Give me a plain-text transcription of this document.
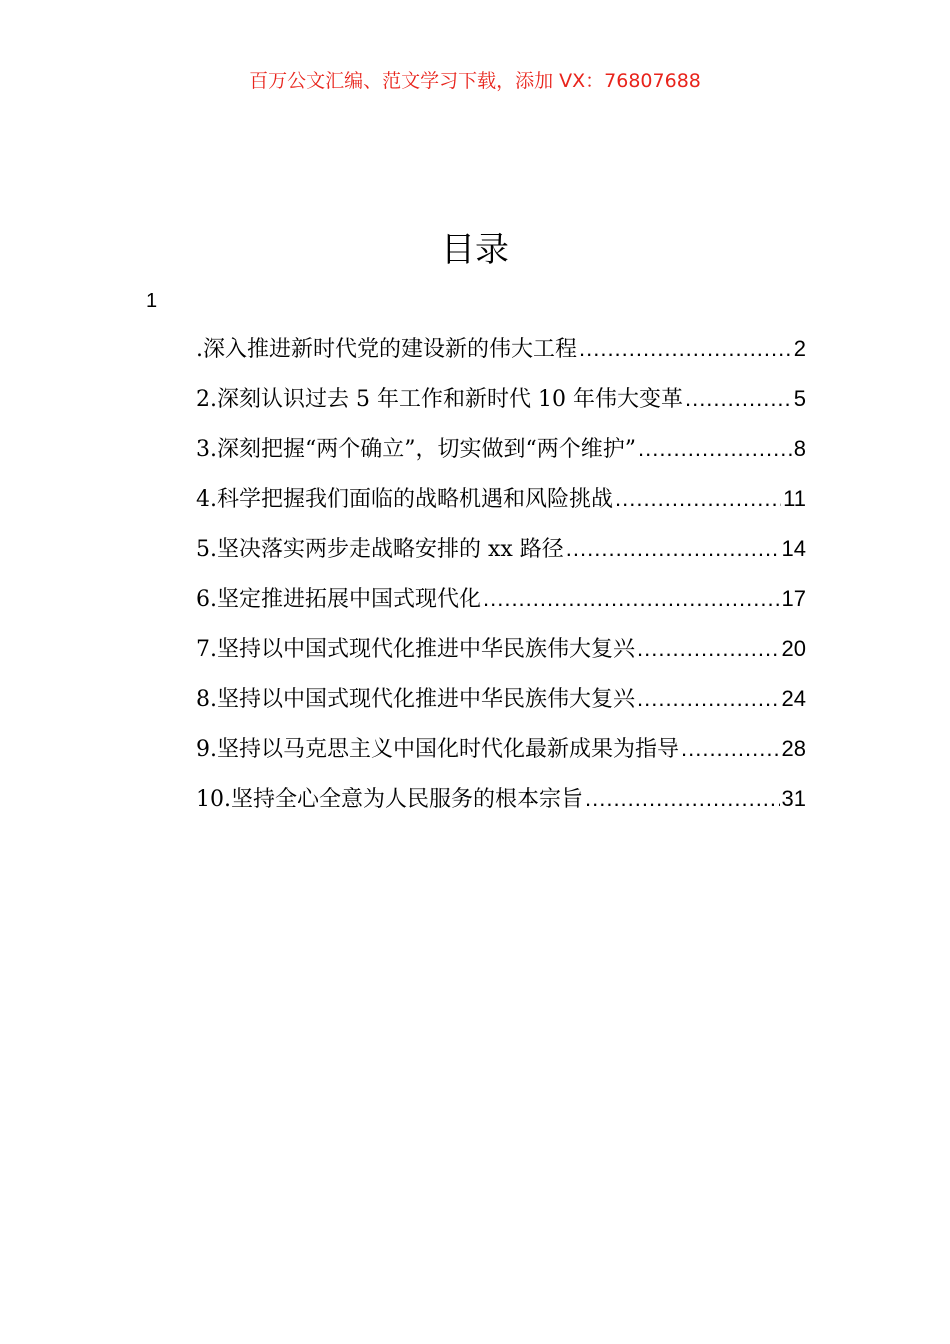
百万公文汇编、范文学习下载，添加 VX：76807688
目录
1
.深入推进新时代党的建设新的伟大工程 .....	2
2.深刻认识过去 5 年工作和新时代 10 年伟大变革 .....	5
3.深刻把握“两个确立”，切实做到“两个维护” .....	8
4.科学把握我们面临的战略机遇和风险挑战 .....	11
5.坚决落实两步走战略安排的 xx 路径 .....	14
6.坚定推进拓展中国式现代化 .....	17
7.坚持以中国式现代化推进中华民族伟大复兴 .....	20
8.坚持以中国式现代化推进中华民族伟大复兴 .....	24
9.坚持以马克思主义中国化时代化最新成果为指导 .....	28
10.坚持全心全意为人民服务的根本宗旨 .....	31
